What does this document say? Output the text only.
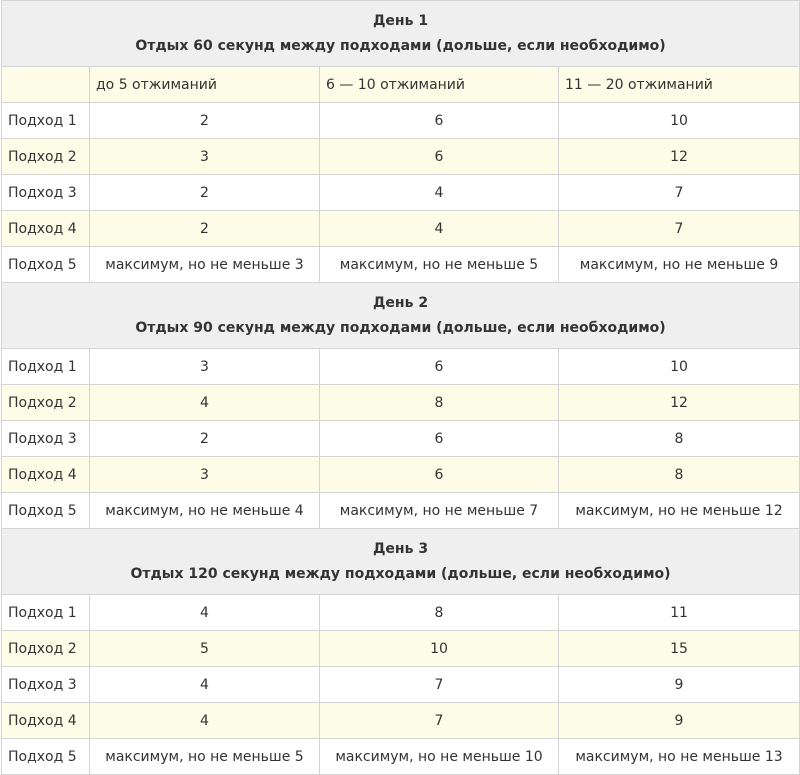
День 1
Отдых 60 секунд между подходами (дольше, если необходимо)			

	до 5 отжиманий	6 — 10 отжиманий	11 — 20 отжиманий
Подход 1	2	6	10
Подход 2	3	6	12
Подход 3	2	4	7
Подход 4	2	4	7
Подход 5	максимум, но не меньше 3	максимум, но не меньше 5	максимум, но не меньше 9

День 2
Отдых 90 секунд между подходами (дольше, если необходимо)			

Подход 1	3	6	10
Подход 2	4	8	12
Подход 3	2	6	8
Подход 4	3	6	8
Подход 5	максимум, но не меньше 4	максимум, но не меньше 7	максимум, но не меньше 12

День 3
Отдых 120 секунд между подходами (дольше, если необходимо)			

Подход 1	4	8	11
Подход 2	5	10	15
Подход 3	4	7	9
Подход 4	4	7	9
Подход 5	максимум, но не меньше 5	максимум, но не меньше 10	максимум, но не меньше 13
